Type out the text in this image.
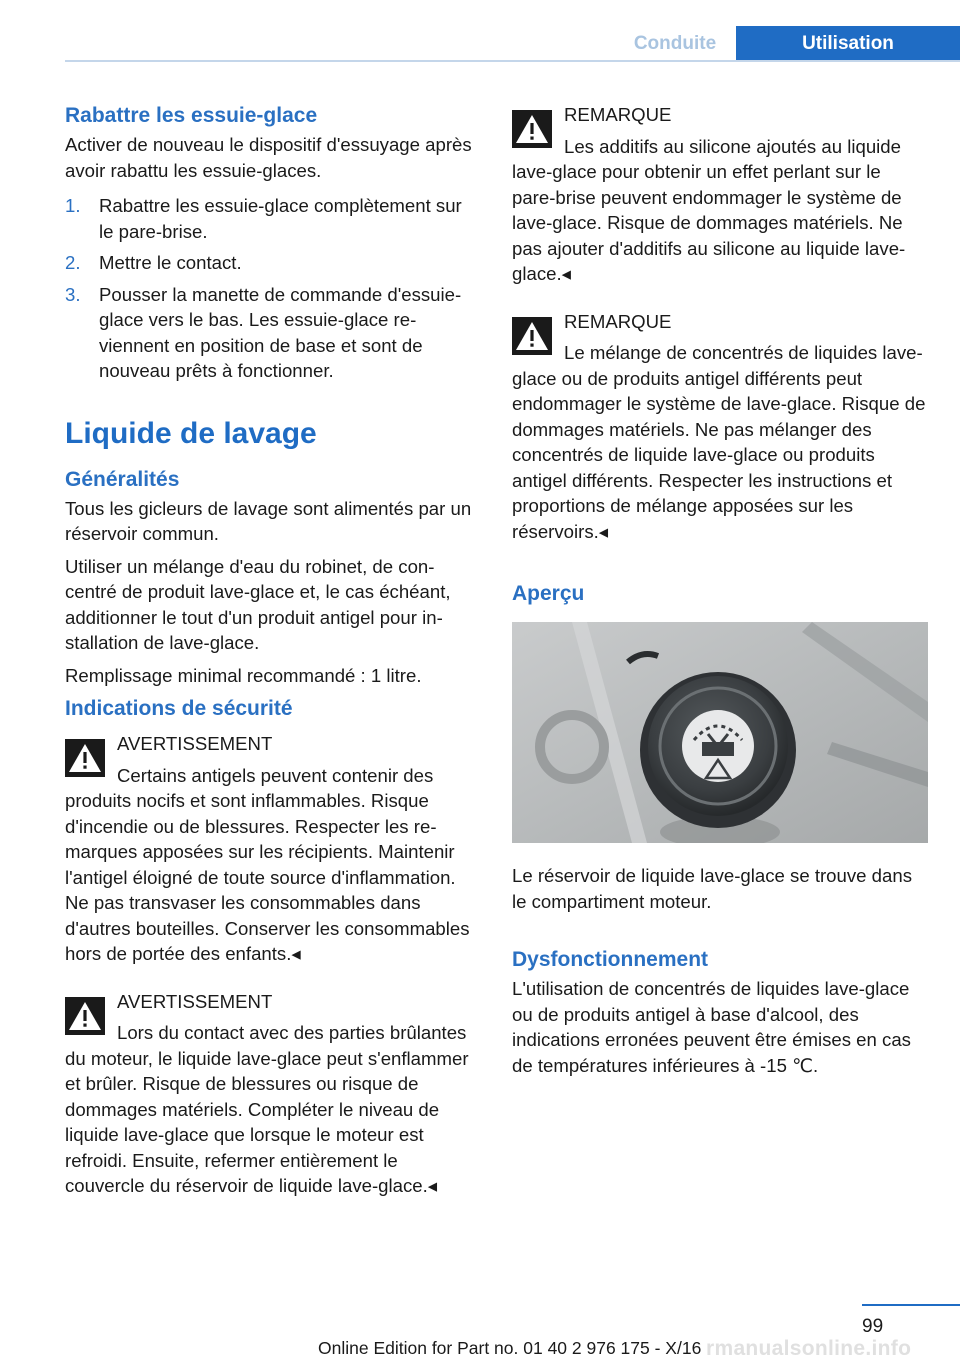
Conduite	Utilisation
Rabattre les essuie-glace

Activer de nouveau le dispositif d'essuyage après avoir rabattu les essuie-glaces.

1. Rabattre les essuie-glace complètement sur le pare-brise.
2. Mettre le contact.
3. Pousser la manette de commande d'essuie-glace vers le bas. Les essuie-glace reviennent en position de base et sont de nouveau prêts à fonctionner.
Liquide de lavage
Généralités

Tous les gicleurs de lavage sont alimentés par un réservoir commun.

Utiliser un mélange d'eau du robinet, de concentré de produit lave-glace et, le cas échéant, additionner le tout d'un produit antigel pour installation de lave-glace.

Remplissage minimal recommandé : 1 litre.

Indications de sécurité
AVERTISSEMENT
Certains antigels peuvent contenir des produits nocifs et sont inflammables. Risque d'incendie ou de blessures. Respecter les remarques apposées sur les récipients. Maintenir l'antigel éloigné de toute source d'inflammation. Ne pas transvaser les consommables dans d'autres bouteilles. Conserver les consommables hors de portée des enfants.◂
AVERTISSEMENT
Lors du contact avec des parties brûlantes du moteur, le liquide lave-glace peut s'enflammer et brûler. Risque de blessures ou risque de dommages matériels. Compléter le niveau de liquide lave-glace que lorsque le moteur est refroidi. Ensuite, refermer entièrement le couvercle du réservoir de liquide lave-glace.◂
REMARQUE
Les additifs au silicone ajoutés au liquide lave-glace pour obtenir un effet perlant sur le pare-brise peuvent endommager le système de lave-glace. Risque de dommages matériels. Ne pas ajouter d'additifs au silicone au liquide lave-glace.◂
REMARQUE
Le mélange de concentrés de liquides lave-glace ou de produits antigel différents peut endommager le système de lave-glace. Risque de dommages matériels. Ne pas mélanger des concentrés de liquide lave-glace ou produits antigel différents. Respecter les instructions et proportions de mélange apposées sur les réservoirs.◂
Aperçu

Le réservoir de liquide lave-glace se trouve dans le compartiment moteur.

Dysfonctionnement

L'utilisation de concentrés de liquides lave-glace ou de produits antigel à base d'alcool, des indications erronées peuvent être émises en cas de températures inférieures à -15 ℃.

99
Online Edition for Part no. 01 40 2 976 175 - X/16 rmanualsonline.info
